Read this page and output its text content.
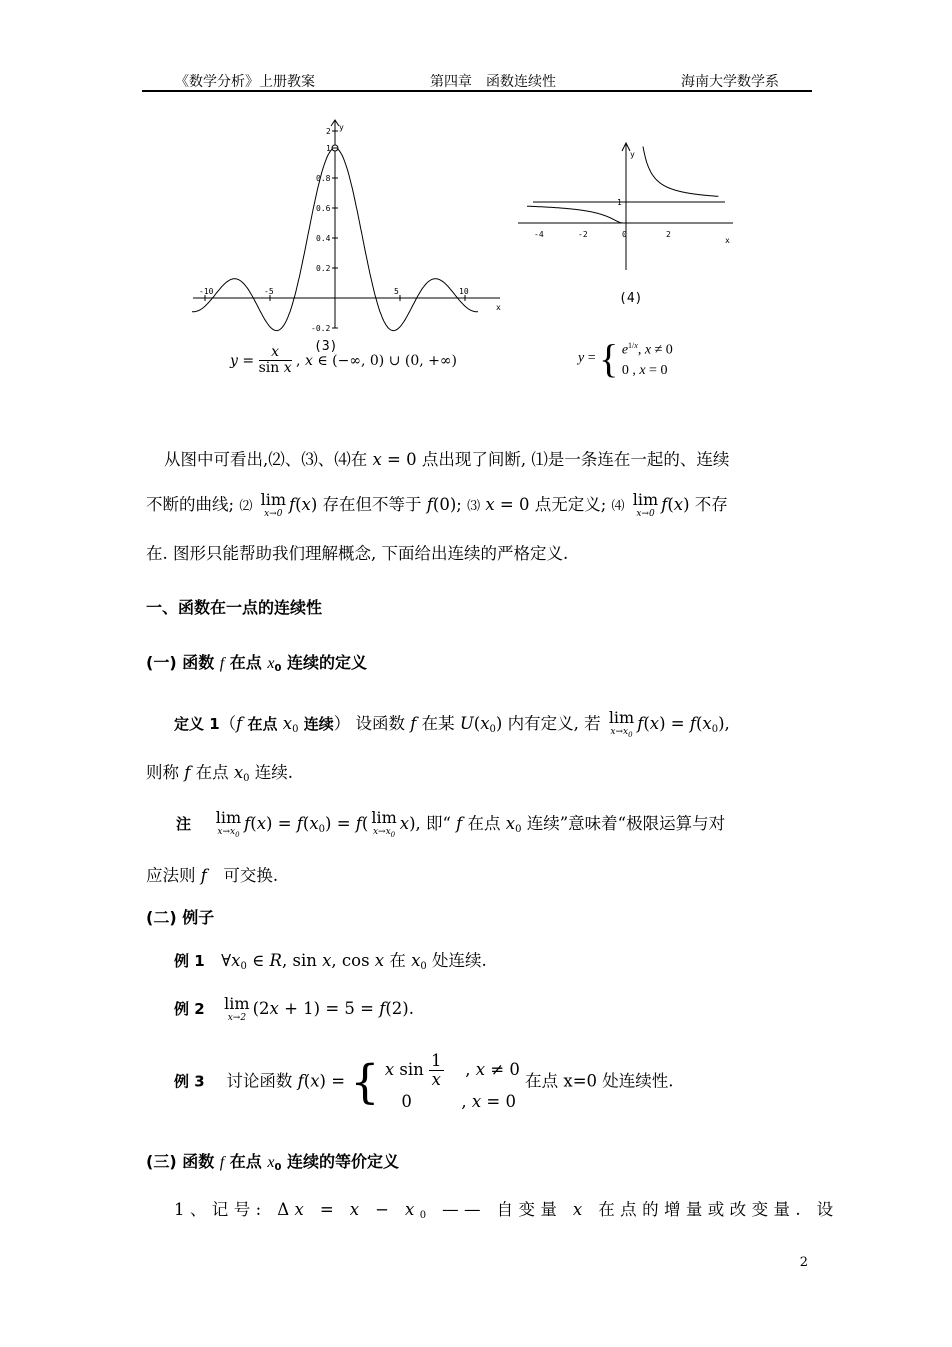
《数学分析》上册教案	第四章　函数连续性	海南大学数学系
-10	-5	5	10
2
1
0.8
0.6
0.4
0.2
-0.2
x
y
(3)
$y = \frac{x}{\text{sin x}}$ , x ∈ (−∞, 0) ∪ (0, +∞)
-4	-2	0	2
1
x
y
(4)
y = { $e^{1/x}$, x ≠ 0
0 , x = 0
从图中可看出,⑵、⑶、⑷在 x = 0 点出现了间断, ⑴是一条连在一起的、连续
不断的曲线; ⑵ lim
x→0 f(x) 存在但不等于 f(0); ⑶ x = 0 点无定义; ⑷ lim
x→0 f(x) 不存
在. 图形只能帮助我们理解概念, 下面给出连续的严格定义.
一、函数在一点的连续性
(一) 函数 f 在点 $x_0$ 连续的定义
定义 1（f 在点 $x_0$ 连续） 设函数 f 在某 $U(x_0)$ 内有定义, 若 lim
$x\to x_0$
$f(x) = f(x_0)$,
则称 f 在点 $x_0$ 连续.
注　 lim
$x\to x_0$
$f(x) = f(x_0) = f$( lim
$x\to x_0$
x), 即“ f 在点 $x_0$ 连续”意味着“极限运算与对
应法则 f　可交换.
(二) 例子
例 1　$\forall x_0$ ∈ R, sin x, cos x 在 $x_0$ 处连续.
例 2　 lim
x→2 (2x + 1) = 5 = f(2).
例 3 　讨论函数 f(x) = { x $\sin \frac{1}{x}$ 　, x ≠ 0
　0　　　, x = 0
在点 x=0 处连续性.
(三) 函数 f 在点 $x_0$ 连续的等价定义
1、记号: $\Delta x = x - x_0$ —— 自变量 x 在点的增量或改变量. 设
2
